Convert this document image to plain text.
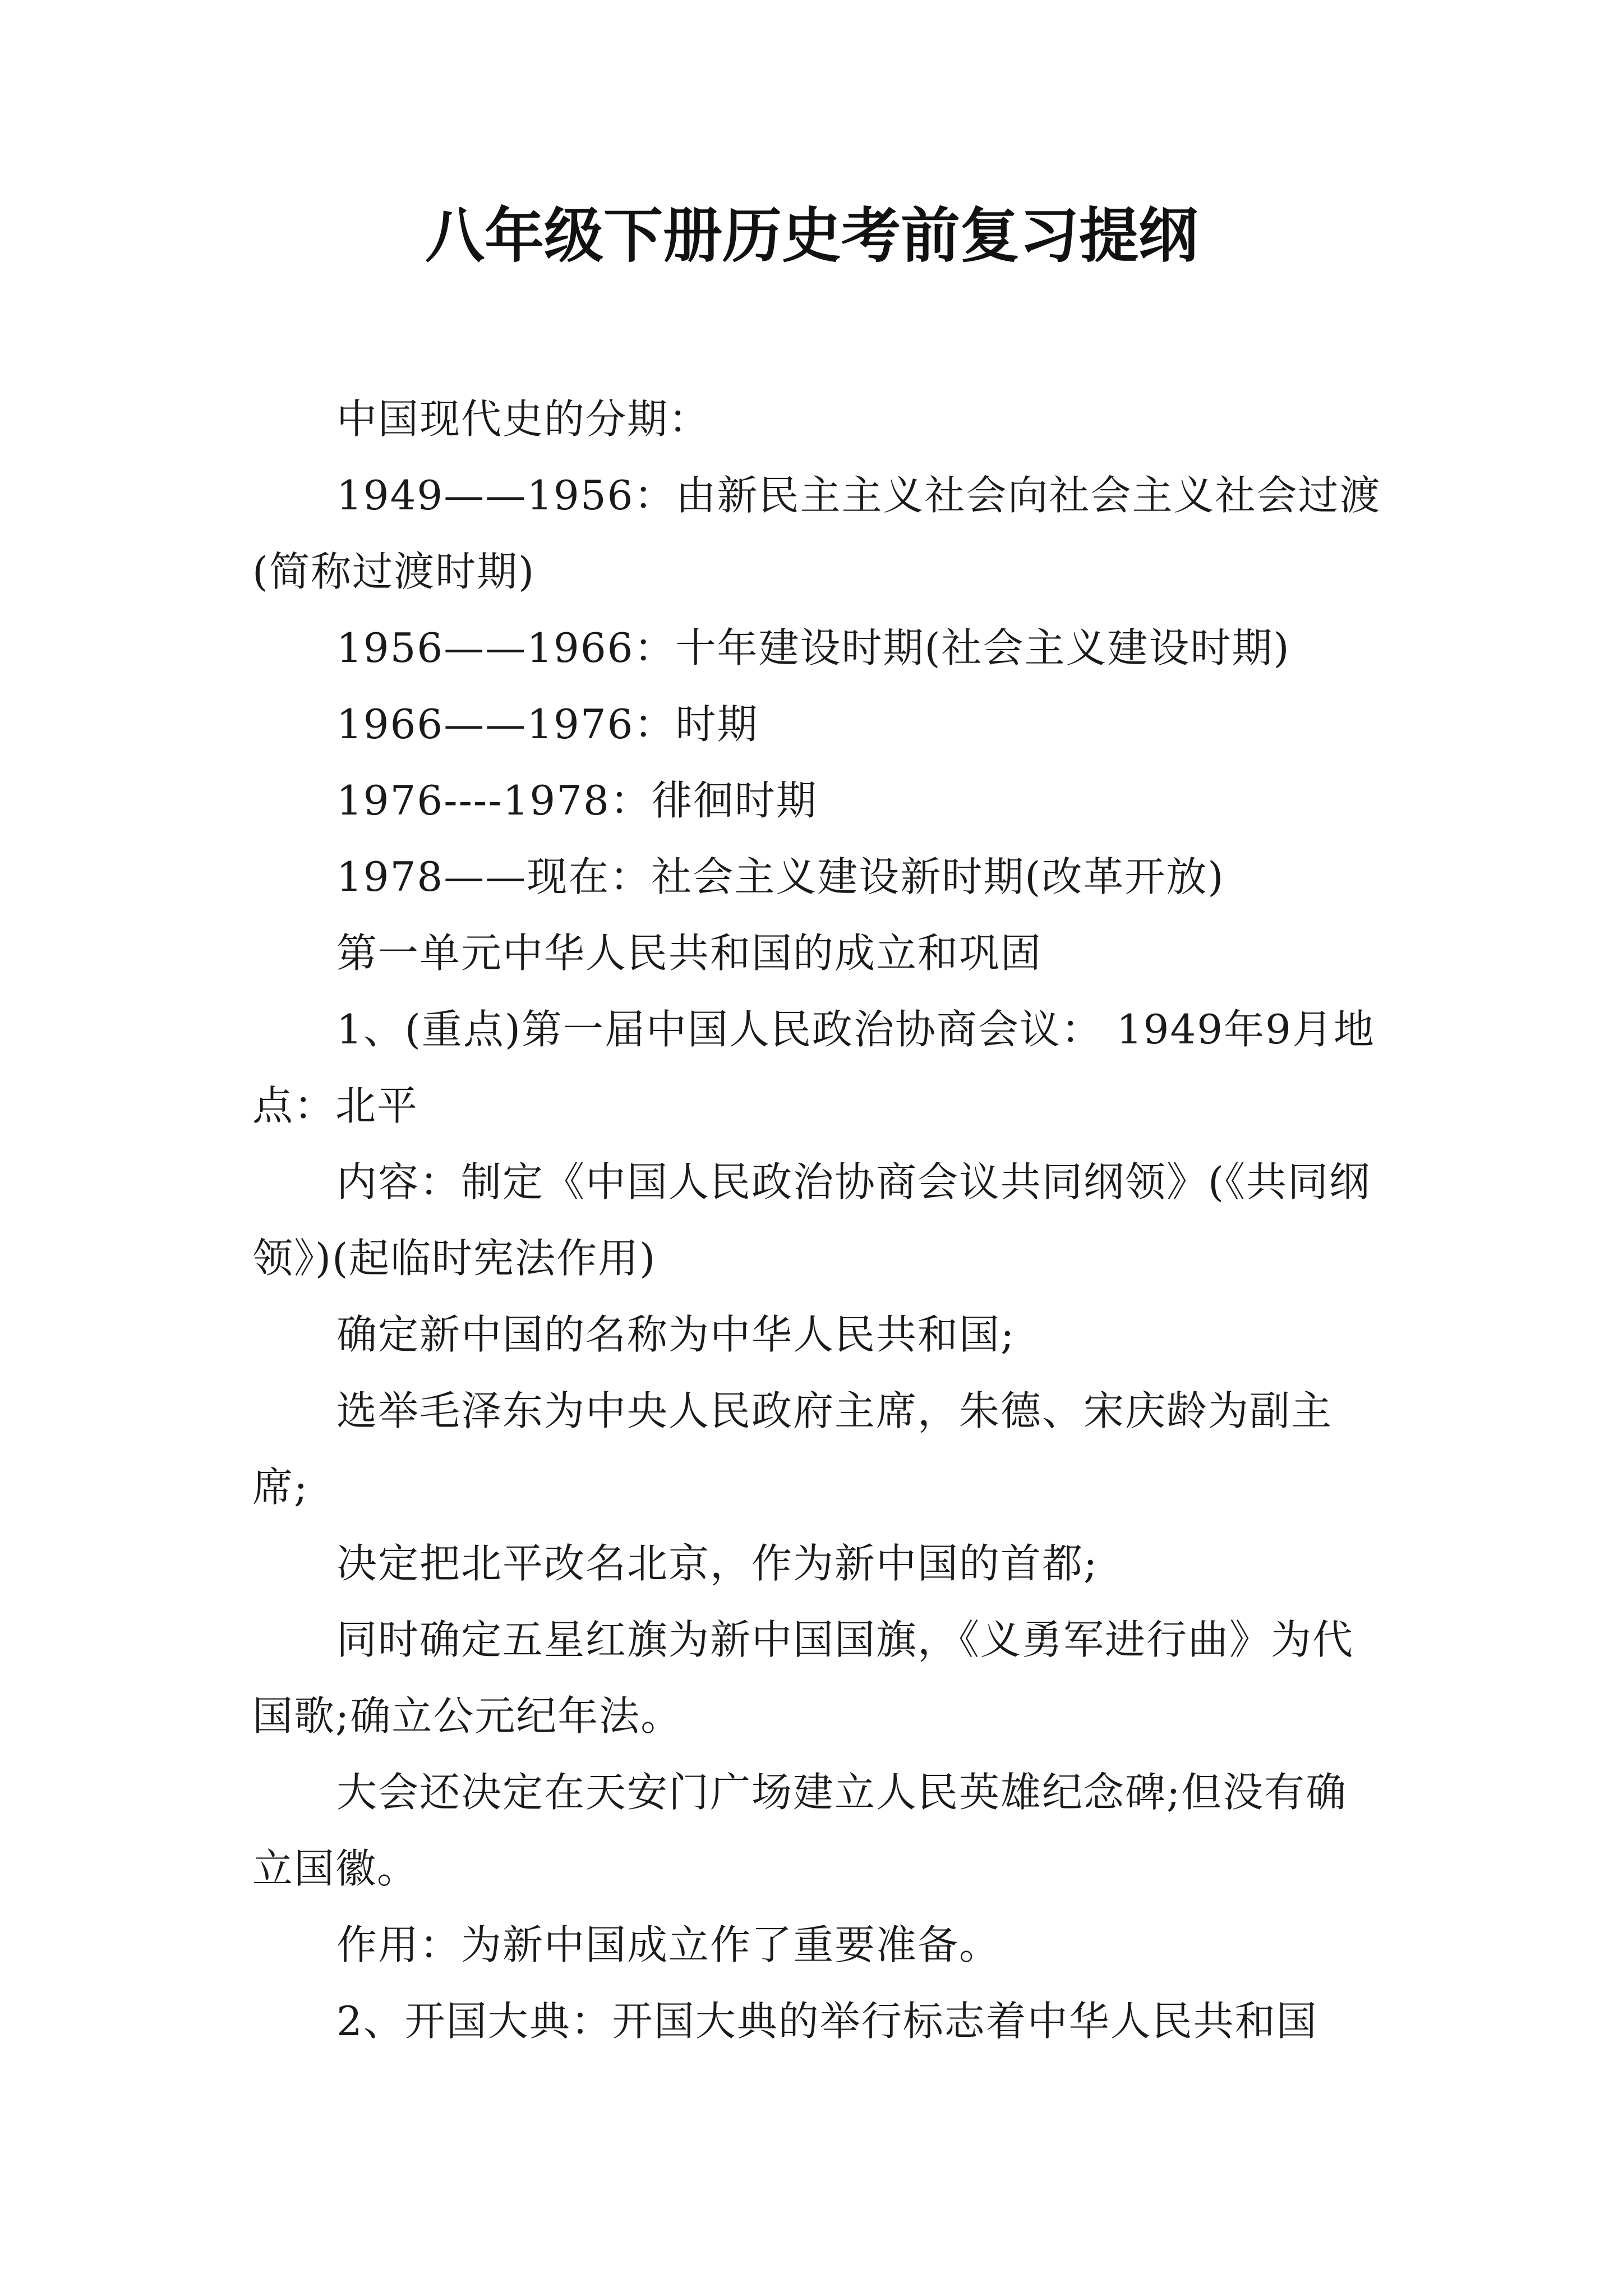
八年级下册历史考前复习提纲

中国现代史的分期：

1949——1956：由新民主主义社会向社会主义社会过渡(简称过渡时期)

1956——1966：十年建设时期(社会主义建设时期)

1966——1976：时期

1976----1978：徘徊时期

1978——现在：社会主义建设新时期(改革开放)

第一单元中华人民共和国的成立和巩固

1、(重点)第一届中国人民政治协商会议： 1949年9月地点：北平

内容：制定《中国人民政治协商会议共同纲领》(《共同纲领》)(起临时宪法作用)

确定新中国的名称为中华人民共和国;

选举毛泽东为中央人民政府主席，朱德、宋庆龄为副主席;

决定把北平改名北京，作为新中国的首都;

同时确定五星红旗为新中国国旗，《义勇军进行曲》为代国歌;确立公元纪年法。

大会还决定在天安门广场建立人民英雄纪念碑;但没有确立国徽。

作用：为新中国成立作了重要准备。

2、开国大典：开国大典的举行标志着中华人民共和国
